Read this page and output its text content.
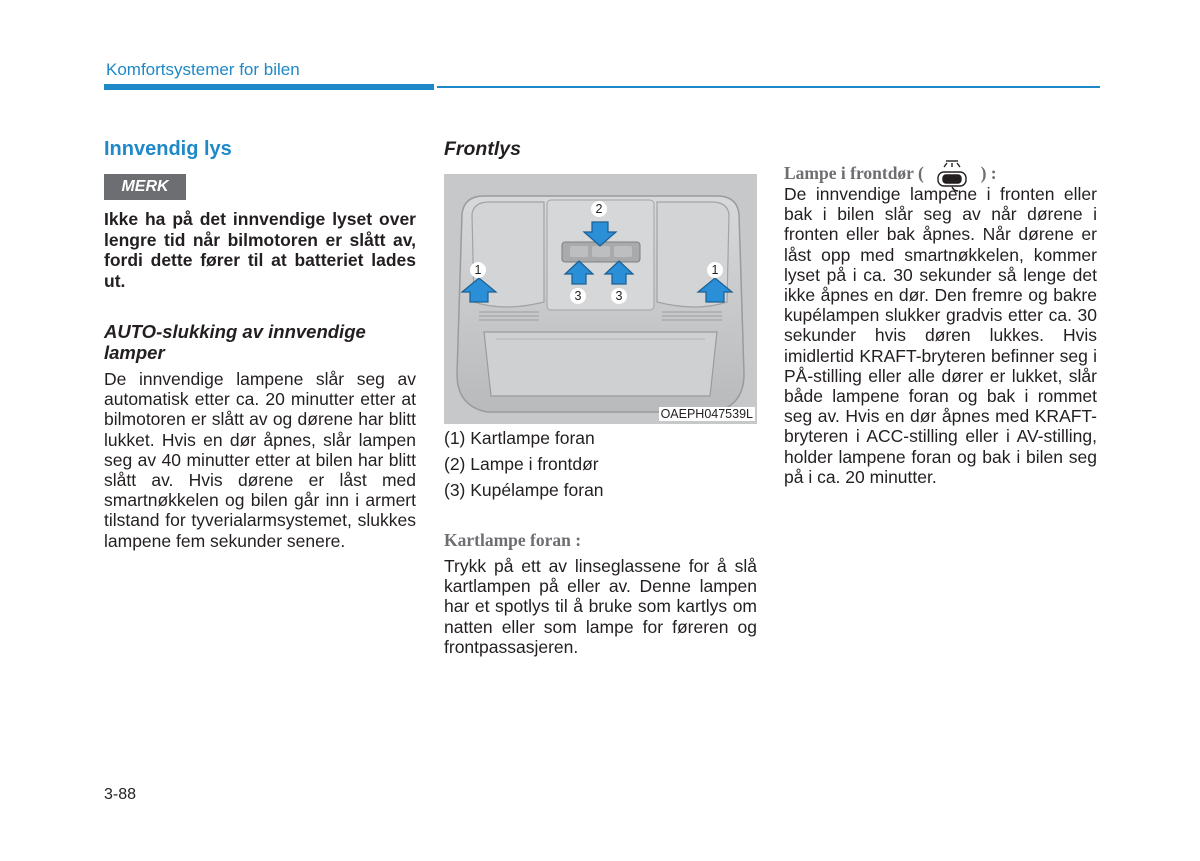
Komfortsystemer for bilen
Innvendig lys
MERK
Ikke ha på det innvendige lyset over lengre tid når bilmotoren er slått av, fordi dette fører til at batteriet lades ut.
AUTO-slukking av innvendige lamper
De innvendige lampene slår seg av automatisk etter ca. 20 minutter etter at bilmotoren er slått av og dørene har blitt lukket. Hvis en dør åpnes, slår lampen seg av 40 minutter etter at bilen har blitt slått av. Hvis dørene er låst med smartnøkkelen og bilen går inn i armert tilstand for tyverialarmsystemet, slukkes lampene fem sekunder senere.
Frontlys
1
2
3	3
1
OAEPH047539L
(1) Kartlampe foran
(2) Lampe i frontdør
(3) Kupélampe foran
Kartlampe foran :
Trykk på ett av linseglassene for å slå kartlampen på eller av. Denne lampen har et spotlys til å bruke som kartlys om natten eller som lampe for føreren og frontpassasjeren.
Lampe i frontdør (	) :
De innvendige lampene i fronten eller bak i bilen slår seg av når dørene i fronten eller bak åpnes. Når dørene er låst opp med smartnøkkelen, kommer lyset på i ca. 30 sekunder så lenge det ikke åpnes en dør. Den fremre og bakre kupélampen slukker gradvis etter ca. 30 sekunder hvis døren lukkes. Hvis imidlertid KRAFT-bryteren befinner seg i PÅ-stilling eller alle dører er lukket, slår både lampene foran og bak i rommet seg av. Hvis en dør åpnes med KRAFT-bryteren i ACC-stilling eller i AV-stilling, holder lampene foran og bak i bilen seg på i ca. 20 minutter.
3-88
